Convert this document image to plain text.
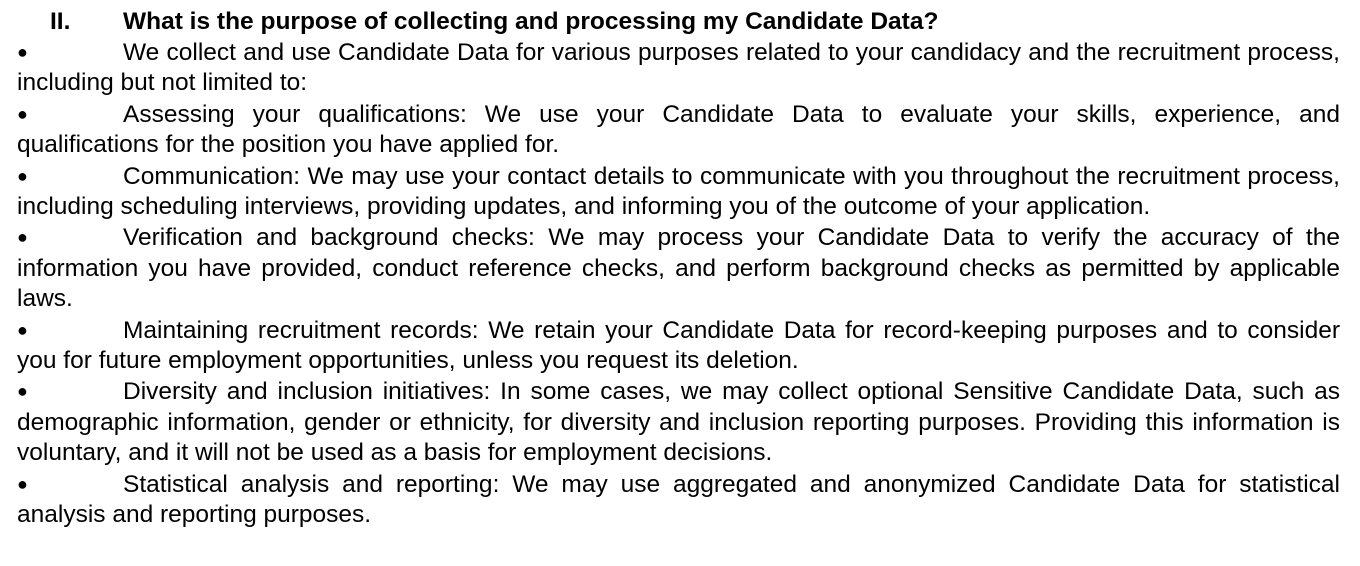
II.	What is the purpose of collecting and processing my Candidate Data?
●	We collect and use Candidate Data for various purposes related to your candidacy and the recruitment process, including but not limited to:
●	Assessing your qualifications: We use your Candidate Data to evaluate your skills, experience, and qualifications for the position you have applied for.
●	Communication: We may use your contact details to communicate with you throughout the recruitment process, including scheduling interviews, providing updates, and informing you of the outcome of your application.
●	Verification and background checks: We may process your Candidate Data to verify the accuracy of the information you have provided, conduct reference checks, and perform background checks as permitted by applicable laws.
●	Maintaining recruitment records: We retain your Candidate Data for record-keeping purposes and to consider you for future employment opportunities, unless you request its deletion.
●	Diversity and inclusion initiatives: In some cases, we may collect optional Sensitive Candidate Data, such as demographic information, gender or ethnicity, for diversity and inclusion reporting purposes. Providing this information is voluntary, and it will not be used as a basis for employment decisions.
●	Statistical analysis and reporting: We may use aggregated and anonymized Candidate Data for statistical analysis and reporting purposes.
